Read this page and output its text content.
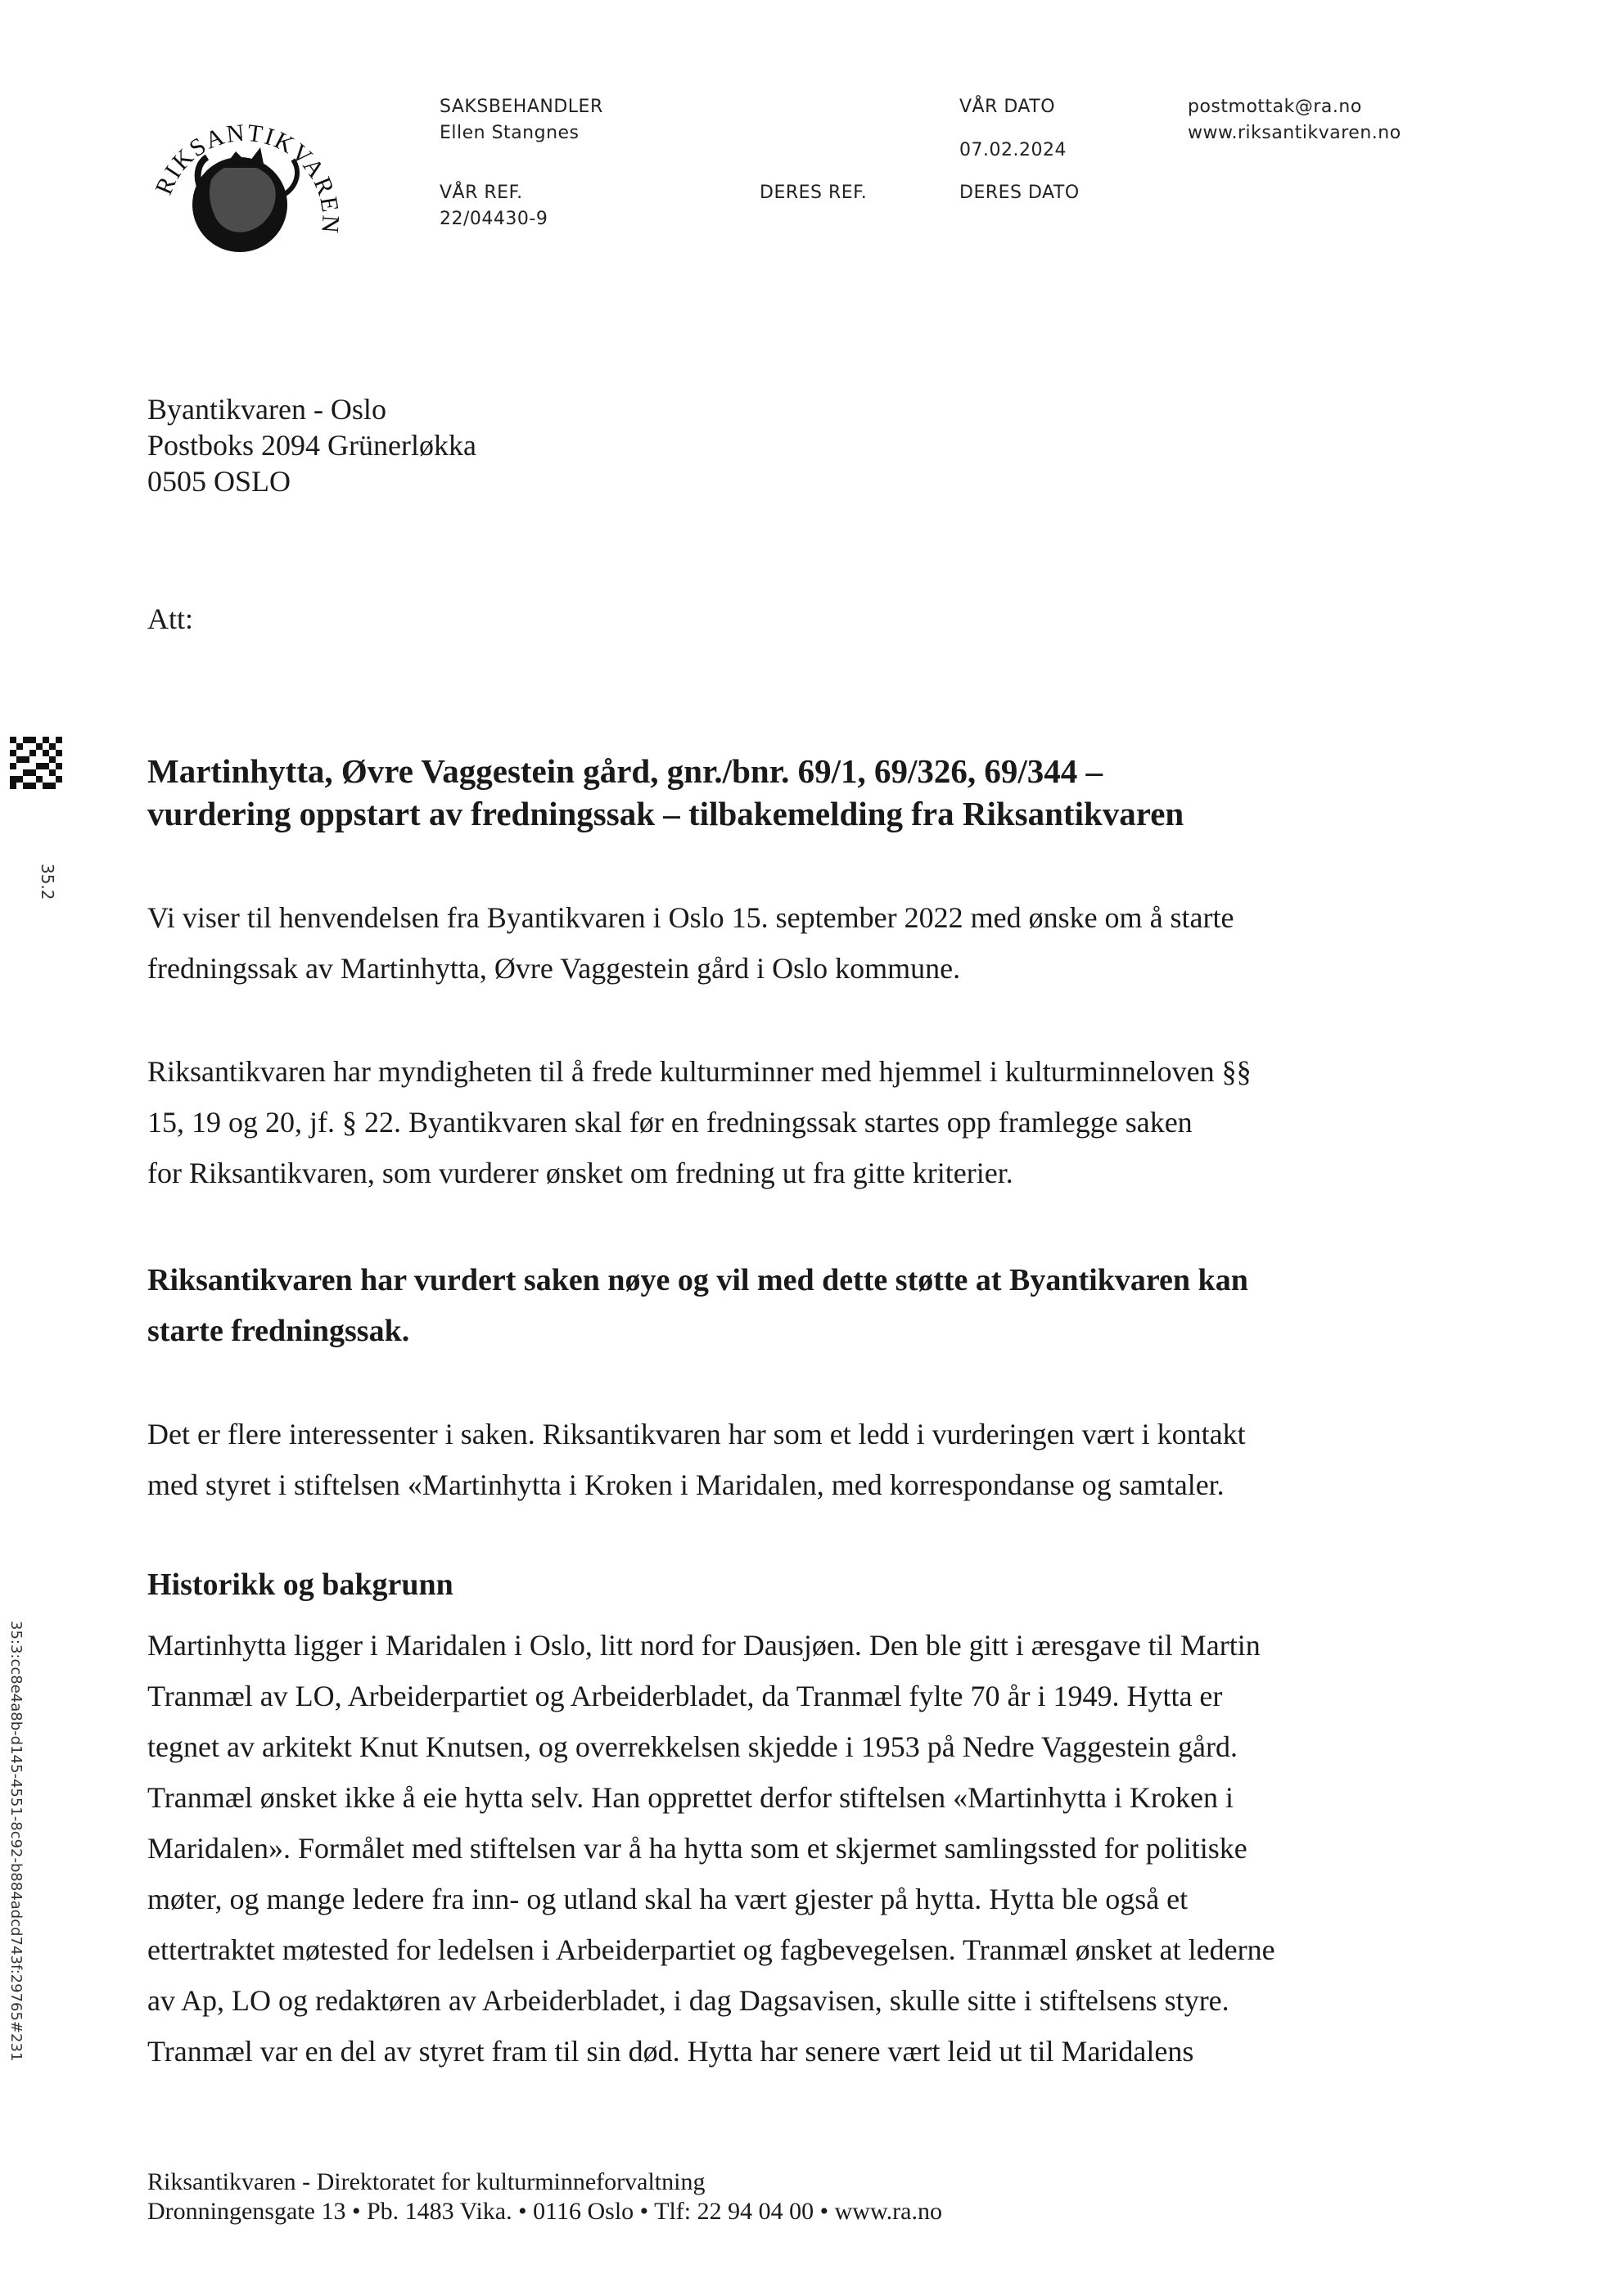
RIKSANTIKVAREN
SAKSBEHANDLER
Ellen Stangnes
VÅR REF.
22/04430-9
DERES REF.
VÅR DATO
07.02.2024
DERES DATO
postmottak@ra.no
www.riksantikvaren.no
Byantikvaren - Oslo
Postboks 2094 Grünerløkka
0505 OSLO
Att:
35.2
35:3:cc8e4a8b-d145-4551-8c92-b884adcd743f:29765#231
Martinhytta, Øvre Vaggestein gård, gnr./bnr. 69/1, 69/326, 69/344 –
vurdering oppstart av fredningssak – tilbakemelding fra Riksantikvaren
Vi viser til henvendelsen fra Byantikvaren i Oslo 15. september 2022 med ønske om å starte
fredningssak av Martinhytta, Øvre Vaggestein gård i Oslo kommune.
Riksantikvaren har myndigheten til å frede kulturminner med hjemmel i kulturminneloven §§
15, 19 og 20, jf. § 22. Byantikvaren skal før en fredningssak startes opp framlegge saken
for Riksantikvaren, som vurderer ønsket om fredning ut fra gitte kriterier.
Riksantikvaren har vurdert saken nøye og vil med dette støtte at Byantikvaren kan
starte fredningssak.
Det er flere interessenter i saken. Riksantikvaren har som et ledd i vurderingen vært i kontakt
med styret i stiftelsen «Martinhytta i Kroken i Maridalen, med korrespondanse og samtaler.
Historikk og bakgrunn
Martinhytta ligger i Maridalen i Oslo, litt nord for Dausjøen. Den ble gitt i æresgave til Martin
Tranmæl av LO, Arbeiderpartiet og Arbeiderbladet, da Tranmæl fylte 70 år i 1949. Hytta er
tegnet av arkitekt Knut Knutsen, og overrekkelsen skjedde i 1953 på Nedre Vaggestein gård.
Tranmæl ønsket ikke å eie hytta selv. Han opprettet derfor stiftelsen «Martinhytta i Kroken i
Maridalen». Formålet med stiftelsen var å ha hytta som et skjermet samlingssted for politiske
møter, og mange ledere fra inn- og utland skal ha vært gjester på hytta. Hytta ble også et
ettertraktet møtested for ledelsen i Arbeiderpartiet og fagbevegelsen. Tranmæl ønsket at lederne
av Ap, LO og redaktøren av Arbeiderbladet, i dag Dagsavisen, skulle sitte i stiftelsens styre.
Tranmæl var en del av styret fram til sin død. Hytta har senere vært leid ut til Maridalens
Riksantikvaren - Direktoratet for kulturminneforvaltning
Dronningensgate 13 • Pb. 1483 Vika. • 0116 Oslo • Tlf: 22 94 04 00 • www.ra.no
